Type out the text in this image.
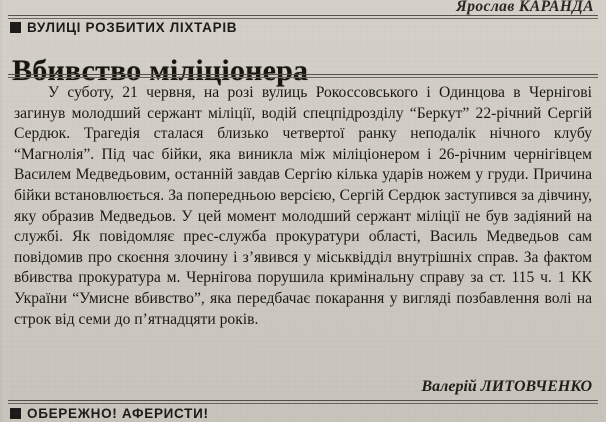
Ярослав КАРАНДА
ВУЛИЦІ РОЗБИТИХ ЛІХТАРІВ
Вбивство міліціонера
У суботу, 21 червня, на розі вулиць Рокоссовського і Одинцова в Чернігові загинув молодший сержант міліції, водій спецпідрозділу “Беркут” 22-річний Сергій Сердюк. Трагедія сталася близько четвертої ранку неподалік нічного клубу “Магнолія”. Під час бійки, яка виникла між міліціонером і 26-річним чернігівцем Василем Медведьовим, останній завдав Сергію кілька ударів ножем у груди. Причина бійки встановлюється. За попередньою версією, Сергій Сердюк заступився за дівчину, яку образив Медведьов. У цей момент молодший сержант міліції не був задіяний на службі. Як повідомляє прес-служба прокуратури області, Василь Медведьов сам повідомив про скоєння злочину і з’явився у міськвідділ внутрішніх справ. За фактом вбивства прокуратура м. Чернігова порушила кримінальну справу за ст. 115 ч. 1 КК України “Умисне вбивство”, яка передбачає покарання у вигляді позбавлення волі на строк від семи до п’ятнадцяти років.
Валерій ЛИТОВЧЕНКО
ОБЕРЕЖНО! АФЕРИСТИ!
